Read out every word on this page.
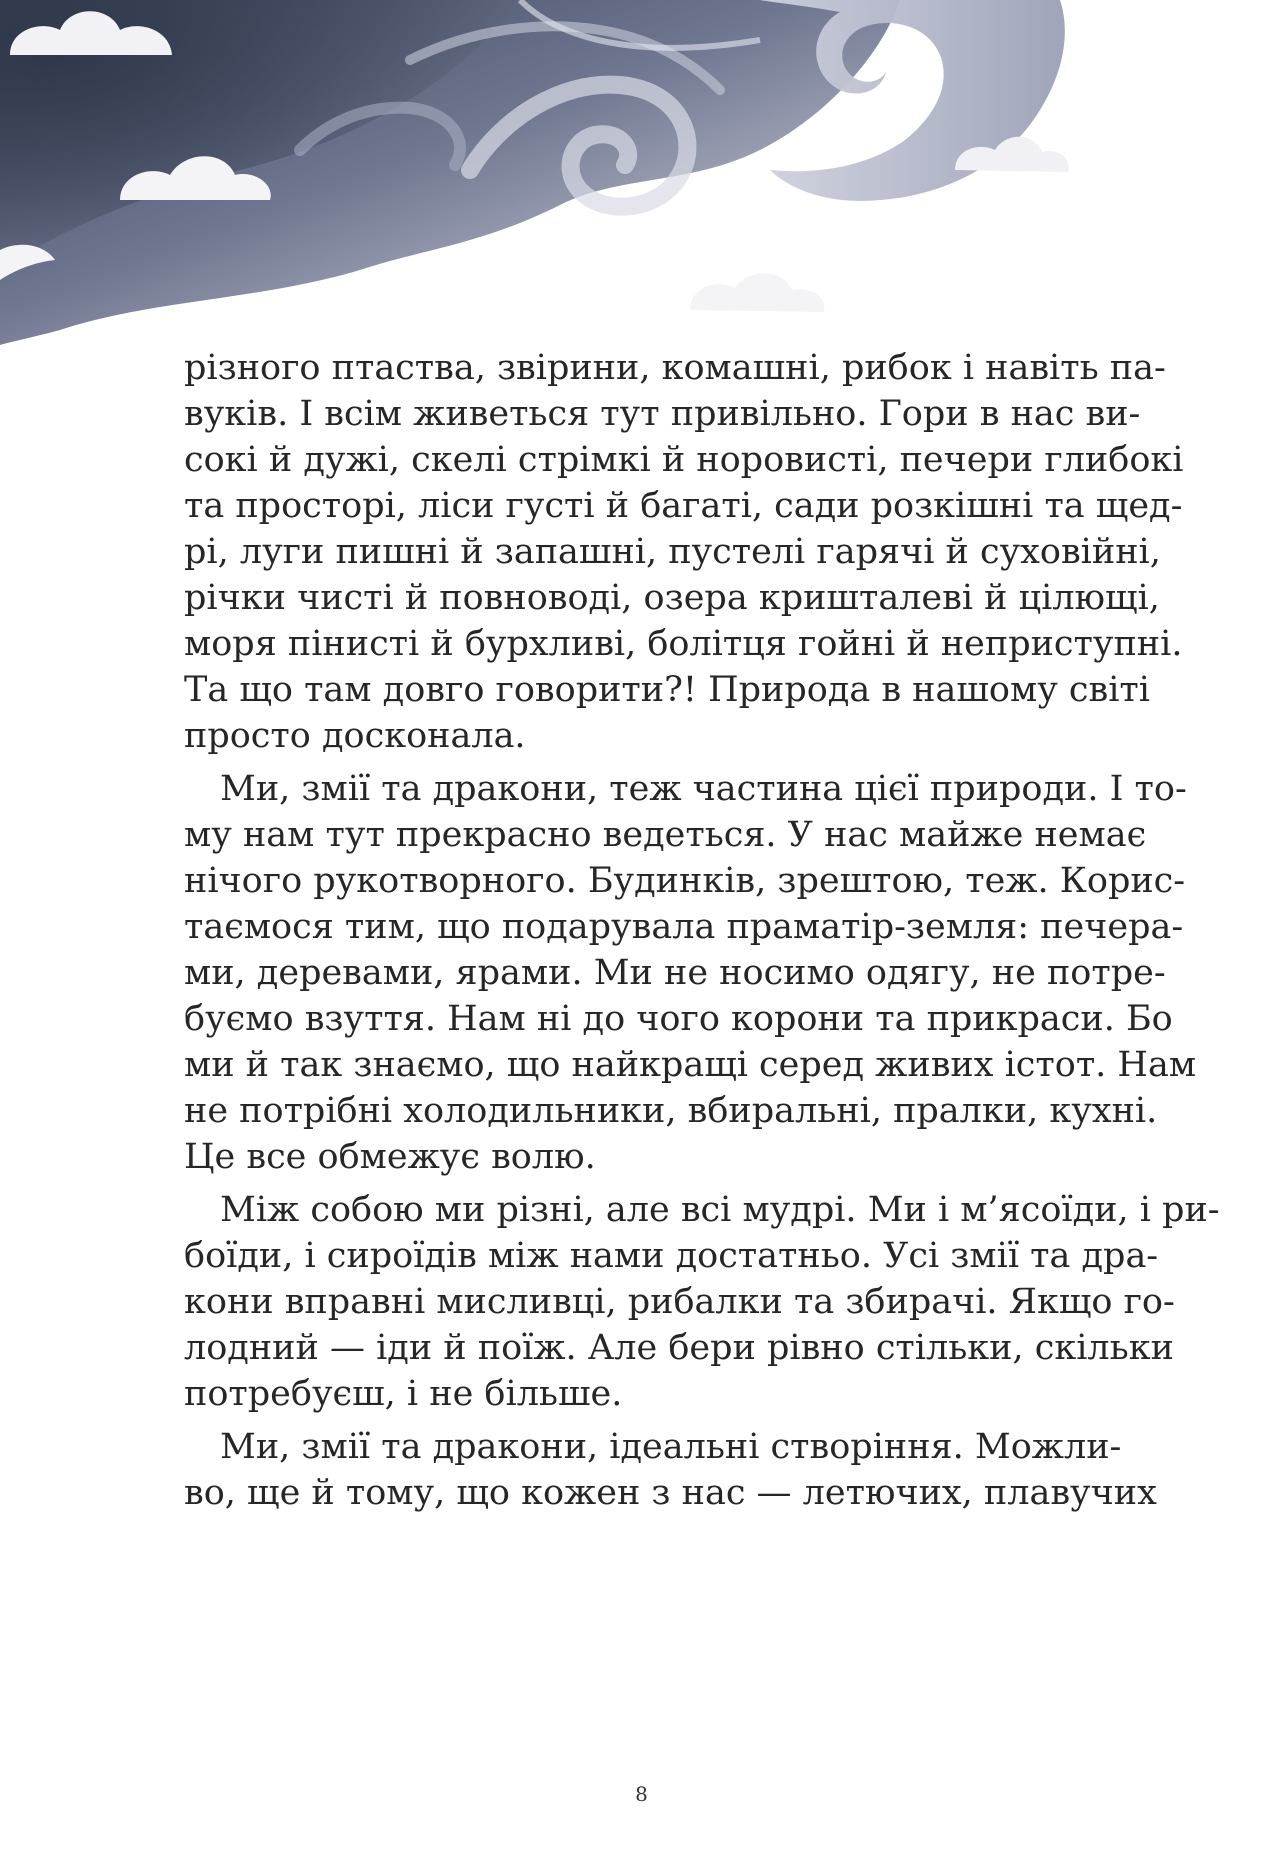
різного птаства, звірини, комашні, рибок і навіть па-
вуків. І всім живеться тут привільно. Гори в нас ви-
сокі й дужі, скелі стрімкі й норовисті, печери глибокі
та просторі, ліси густі й багаті, сади розкішні та щед-
рі, луги пишні й запашні, пустелі гарячі й суховійні,
річки чисті й повноводі, озера кришталеві й цілющі,
моря пінисті й бурхливі, болітця гойні й неприступні.
Та що там довго говорити?! Природа в нашому світі
просто досконала.
Ми, змії та дракони, теж частина цієї природи. І то-
му нам тут прекрасно ведеться. У нас майже немає
нічого рукотворного. Будинків, зрештою, теж. Корис-
таємося тим, що подарувала праматір-земля: печера-
ми, деревами, ярами. Ми не носимо одягу, не потре-
буємо взуття. Нам ні до чого корони та прикраси. Бо
ми й так знаємо, що найкращі серед живих істот. Нам
не потрібні холодильники, вбиральні, пралки, кухні.
Це все обмежує волю.
Між собою ми різні, але всі мудрі. Ми і м’ясоїди, і ри-
боїди, і сироїдів між нами достатньо. Усі змії та дра-
кони вправні мисливці, рибалки та збирачі. Якщо го-
лодний — іди й поїж. Але бери рівно стільки, скільки
потребуєш, і не більше.
Ми, змії та дракони, ідеальні створіння. Можли-
во, ще й тому, що кожен з нас — летючих, плавучих
8
